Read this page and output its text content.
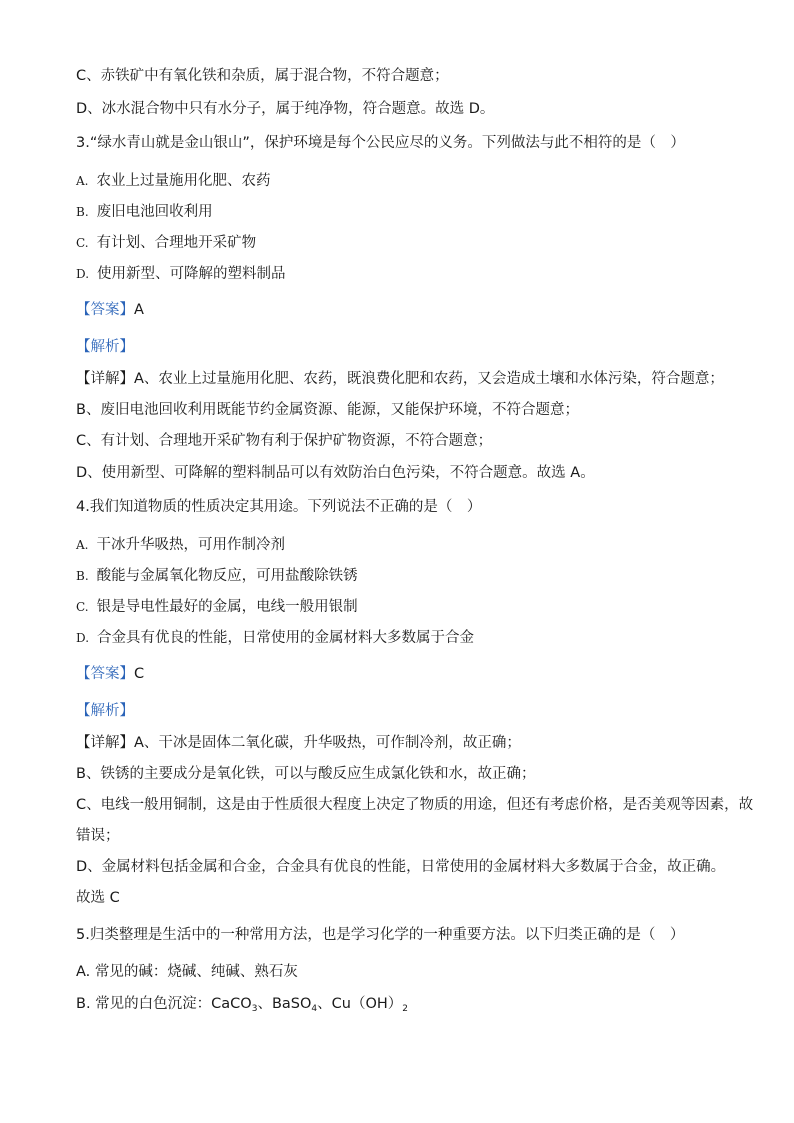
C、赤铁矿中有氧化铁和杂质，属于混合物，不符合题意；
D、冰水混合物中只有水分子，属于纯净物，符合题意。故选 D。
3.“绿水青山就是金山银山”，保护环境是每个公民应尽的义务。下列做法与此不相符的是（　）
A. 农业上过量施用化肥、农药
B. 废旧电池回收利用
C. 有计划、合理地开采矿物
D. 使用新型、可降解的塑料制品
【答案】A
【解析】
【详解】A、农业上过量施用化肥、农药，既浪费化肥和农药，又会造成土壤和水体污染，符合题意；
B、废旧电池回收利用既能节约金属资源、能源，又能保护环境，不符合题意；
C、有计划、合理地开采矿物有利于保护矿物资源，不符合题意；
D、使用新型、可降解的塑料制品可以有效防治白色污染，不符合题意。故选 A。
4.我们知道物质的性质决定其用途。下列说法不正确的是（　）
A. 干冰升华吸热，可用作制冷剂
B. 酸能与金属氧化物反应，可用盐酸除铁锈
C. 银是导电性最好的金属，电线一般用银制
D. 合金具有优良的性能，日常使用的金属材料大多数属于合金
【答案】C
【解析】
【详解】A、干冰是固体二氧化碳，升华吸热，可作制冷剂，故正确；
B、铁锈的主要成分是氧化铁，可以与酸反应生成氯化铁和水，故正确；
C、电线一般用铜制，这是由于性质很大程度上决定了物质的用途，但还有考虑价格，是否美观等因素，故
错误；
D、金属材料包括金属和合金，合金具有优良的性能，日常使用的金属材料大多数属于合金，故正确。
故选 C
5.归类整理是生活中的一种常用方法，也是学习化学的一种重要方法。以下归类正确的是（　）
A. 常见的碱：烧碱、纯碱、熟石灰
B. 常见的白色沉淀：CaCO$_3$、BaSO$_4$、$Cu(OH)_2$
